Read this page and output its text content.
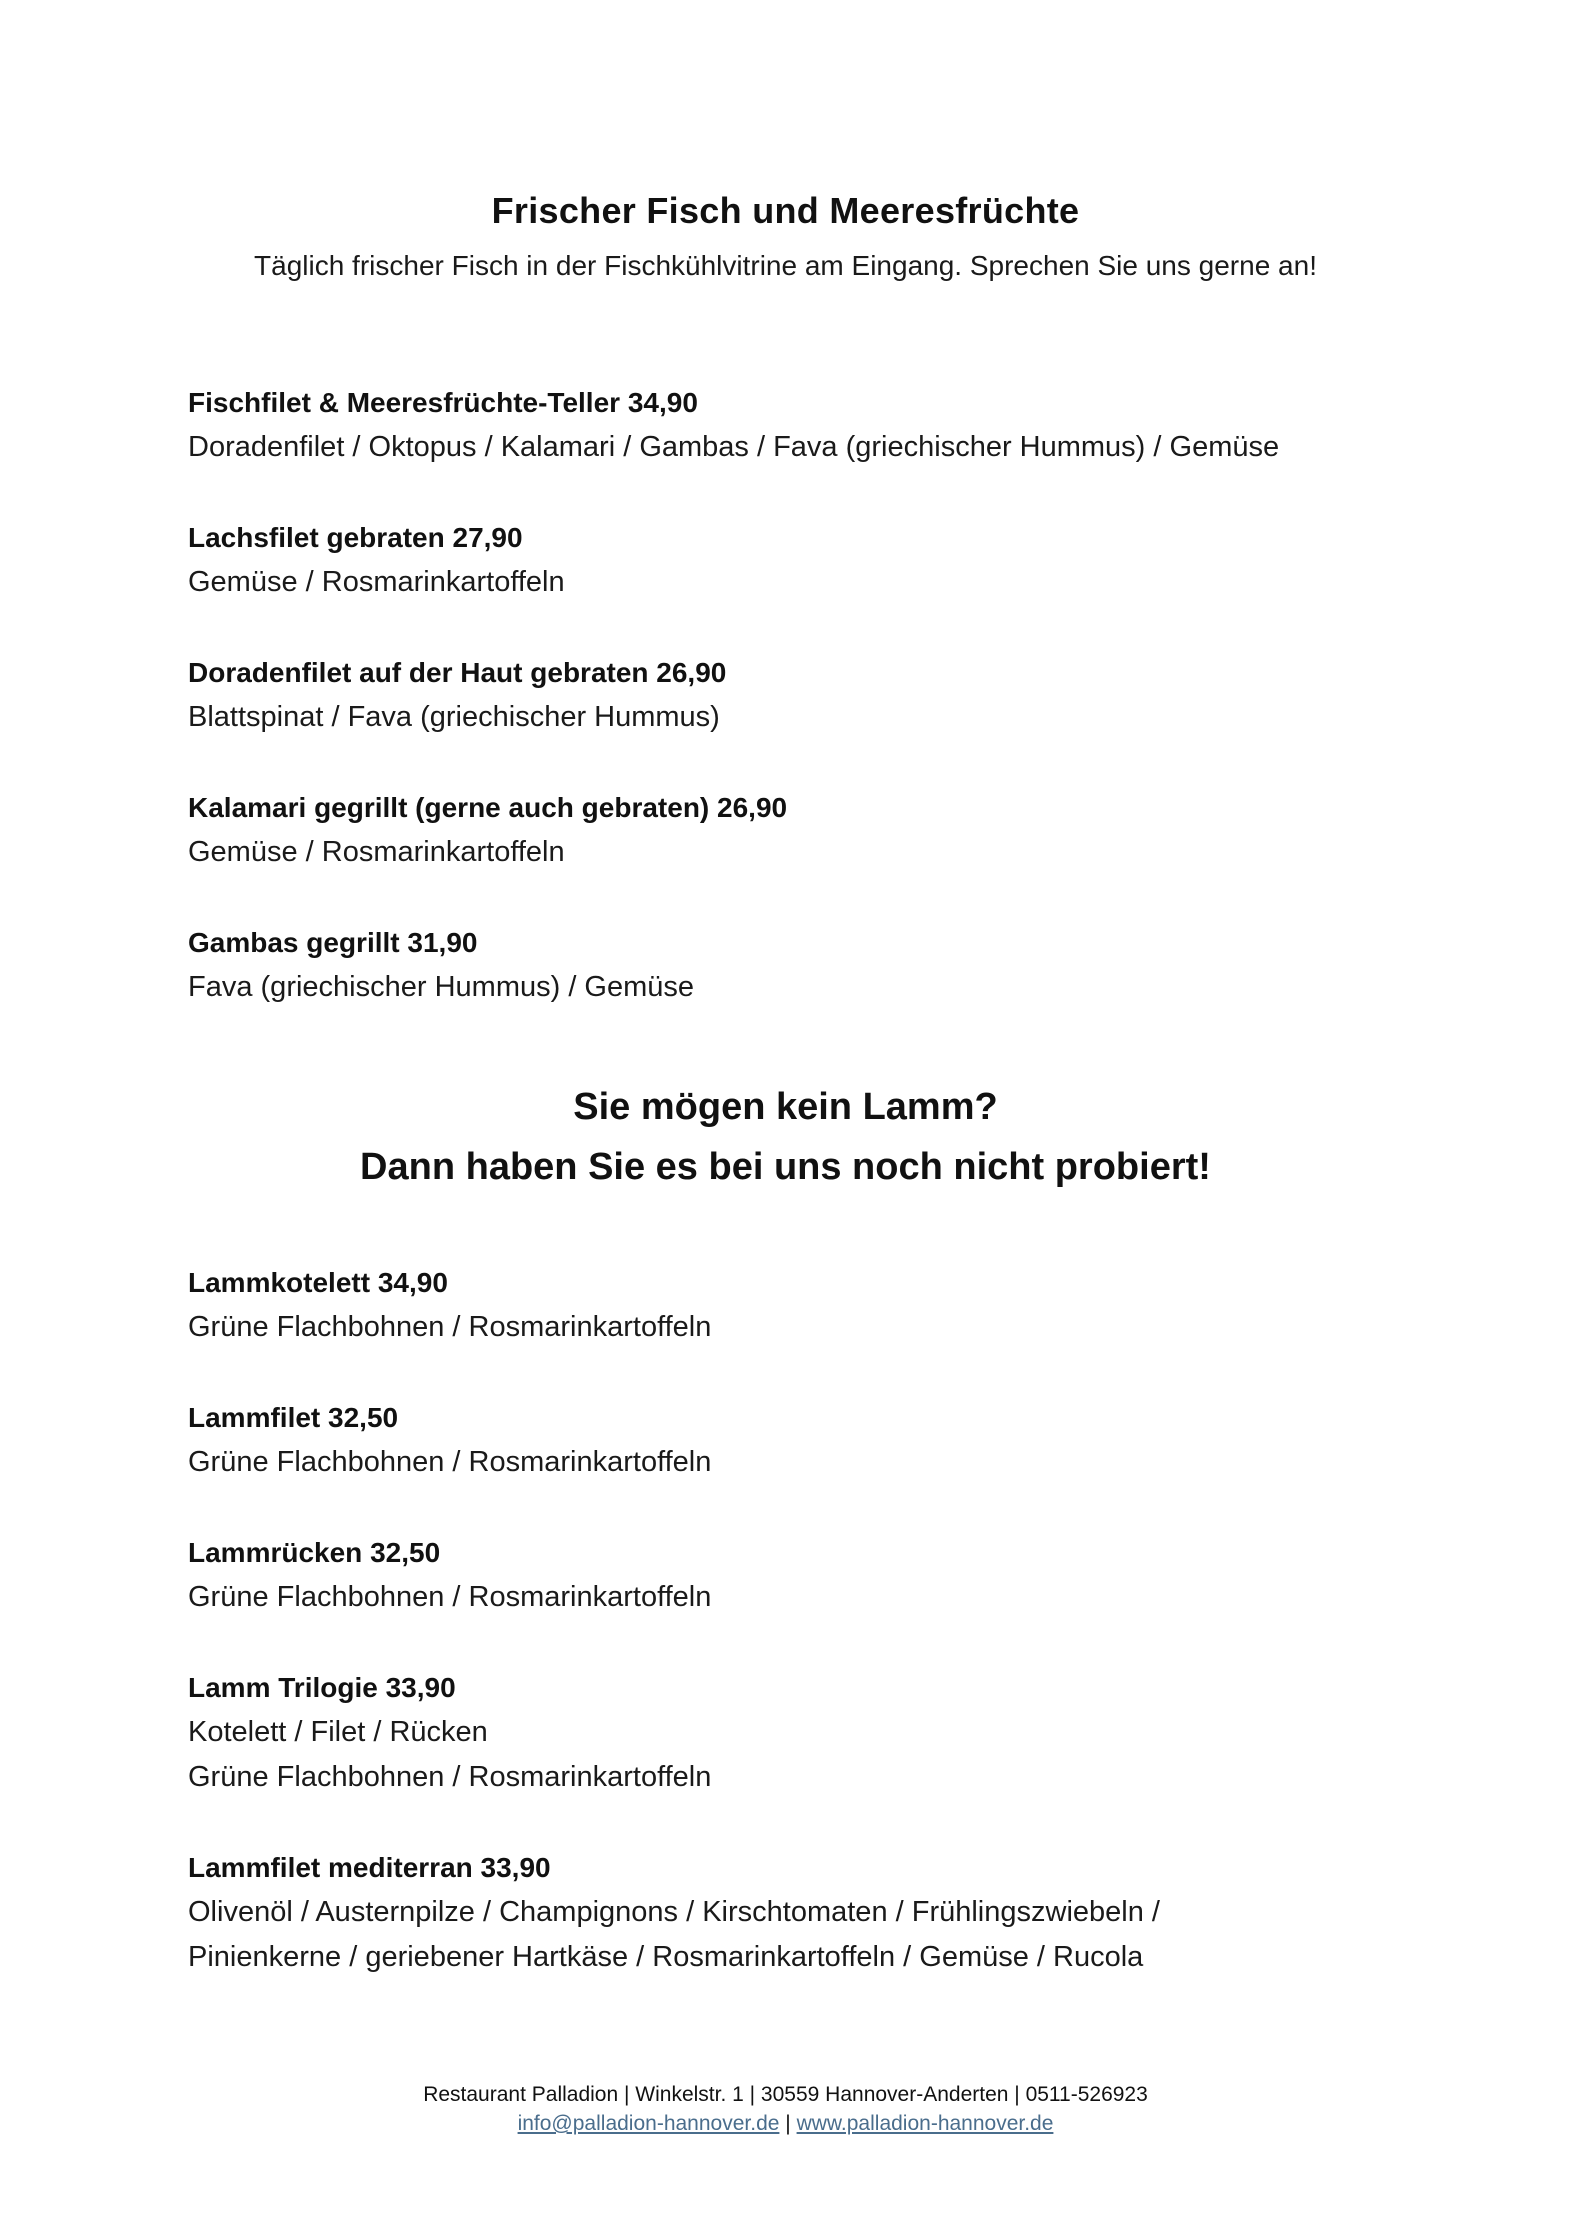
Frischer Fisch und Meeresfrüchte
Täglich frischer Fisch in der Fischkühlvitrine am Eingang. Sprechen Sie uns gerne an!
Fischfilet & Meeresfrüchte-Teller 34,90
Doradenfilet / Oktopus / Kalamari / Gambas / Fava (griechischer Hummus) / Gemüse
Lachsfilet gebraten 27,90
Gemüse / Rosmarinkartoffeln
Doradenfilet auf der Haut gebraten 26,90
Blattspinat / Fava (griechischer Hummus)
Kalamari gegrillt (gerne auch gebraten) 26,90
Gemüse / Rosmarinkartoffeln
Gambas gegrillt 31,90
Fava (griechischer Hummus) / Gemüse
Sie mögen kein Lamm?
Dann haben Sie es bei uns noch nicht probiert!
Lammkotelett 34,90
Grüne Flachbohnen / Rosmarinkartoffeln
Lammfilet 32,50
Grüne Flachbohnen / Rosmarinkartoffeln
Lammrücken 32,50
Grüne Flachbohnen / Rosmarinkartoffeln
Lamm Trilogie 33,90
Kotelett / Filet / Rücken
Grüne Flachbohnen / Rosmarinkartoffeln
Lammfilet mediterran 33,90
Olivenöl / Austernpilze / Champignons / Kirschtomaten / Frühlingszwiebeln /
Pinienkerne / geriebener Hartkäse / Rosmarinkartoffeln / Gemüse / Rucola
Restaurant Palladion | Winkelstr. 1 | 30559 Hannover-Anderten | 0511-526923
info@palladion-hannover.de | www.palladion-hannover.de
